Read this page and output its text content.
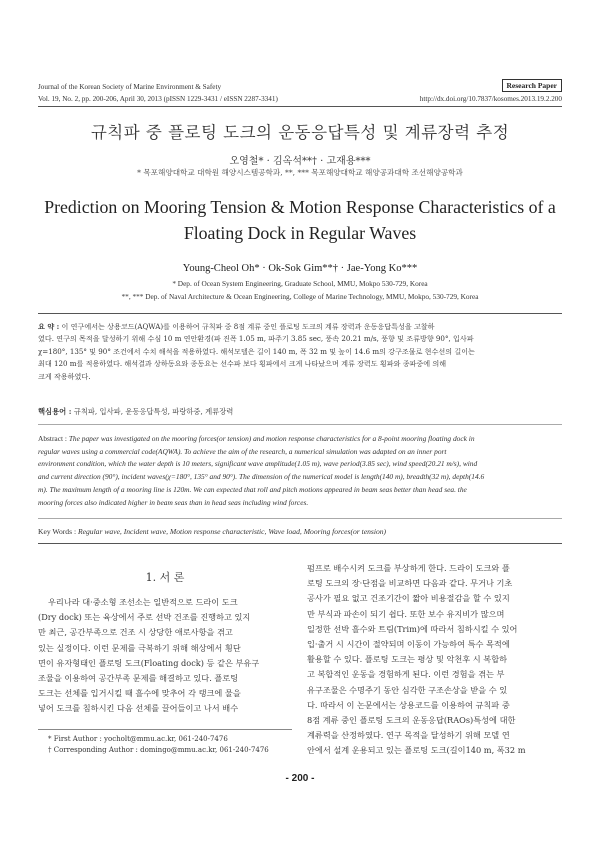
Journal of the Korean Society of Marine Environment & Safety
Vol. 19, No. 2, pp. 200-206, April 30, 2013 (pISSN 1229-3431 / eISSN 2287-3341)
Research Paper
http://dx.doi.org/10.7837/kosomes.2013.19.2.200
규칙파 중 플로팅 도크의 운동응답특성 및 계류장력 추정
오영철* · 김옥석**† · 고재용***
* 목포해양대학교 대학원 해양시스템공학과, **, *** 목포해양대학교 해양공과대학 조선해양공학과
Prediction on Mooring Tension & Motion Response Characteristics of a
Floating Dock in Regular Waves
Young-Cheol Oh* · Ok-Sok Gim**† · Jae-Yong Ko***
* Dep. of Ocean System Engineering, Graduate School, MMU, Mokpo 530-729, Korea
**, *** Dep. of Naval Architecture & Ocean Engineering, College of Marine Technology, MMU, Mokpo, 530-729, Korea
요 약 : 이 연구에서는 상용코드(AQWA)를 이용하여 규칙파 중 8점 계류 중인 플로팅 도크의 계류 장력과 운동응답특성을 고찰하
였다. 연구의 목적을 달성하기 위해 수심 10 m 연안환경(파 진폭 1.05 m, 파주기 3.85 sec, 풍속 20.21 m/s, 풍향 및 조류방향 90°, 입사파
χ=180°, 135° 및 90° 조건에서 수치 해석을 적용하였다. 해석모델은 길이 140 m, 폭 32 m 및 높이 14.6 m의 강구조물로 현수선의 길이는
최대 120 m를 적용하였다. 해석결과 상하동요와 종동요는 선수파 보다 횡파에서 크게 나타났으며 계류 장력도 횡파와 종파중에 의해
크게 작용하였다.
핵심용어 : 규칙파, 입사파, 운동응답특성, 파랑하중, 계류장력
Abstract : The paper was investigated on the mooring forces(or tension) and motion response characteristics for a 8-point mooring floating dock in
regular waves using a commercial code(AQWA). To achieve the aim of the research, a numerical simulation was adapted on an inner port
environment condition, which the water depth is 10 meters, significant wave amplitude(1.05 m), wave period(3.85 sec), wind speed(20.21 m/s), wind
and current direction (90°), incident waves(χ=180°, 135° and 90°). The dimension of the numerical model is length(140 m), breadth(32 m), depth(14.6
m). The maximum length of a mooring line is 120m. We can expected that roll and pitch motions appeared in beam seas better than head sea. the
mooring forces also indicated higher in beam seas than in head seas including wind forces.
Key Words : Regular wave, Incident wave, Motion response characteristic, Wave load, Mooring forces(or tension)
1. 서 론
우리나라 대·중소형 조선소는 일반적으로 드라이 도크
(Dry dock) 또는 육상에서 주로 선박 건조를 진행하고 있지
만 최근, 공간부족으로 건조 시 상당한 애로사항을 겪고
있는 실정이다. 이런 문제를 극복하기 위해 해상에서 횡단
면이 유자형태인 플로팅 도크(Floating dock) 등 같은 부유구
조물을 이용하여 공간부족 문제를 해결하고 있다. 플로팅
도크는 선체를 입거시킬 때 흘수에 맞추어 각 탱크에 물을
넣어 도크를 침하시킨 다음 선체를 끌어들이고 나서 배수
펌프로 배수시켜 도크를 부상하게 한다. 드라이 도크와 플
로팅 도크의 장·단점을 비교하면 다음과 같다. 무거나 기초
공사가 필요 없고 건조기간이 짧아 비용절감을 할 수 있지
만 부식과 파손이 되기 쉽다. 또한 보수 유지비가 많으며
일정한 선박 흘수와 트림(Trim)에 따라서 침하시킬 수 있어
입·출거 시 시간이 절약되며 이동이 가능하여 특수 목적에
활용할 수 있다. 플로팅 도크는 평상 및 악천후 시 복합하
고 복합적인 운동을 경험하게 된다. 이런 경험을 겪는 부
유구조물은 수명주기 동안 심각한 구조손상을 받을 수 있
다. 따라서 이 논문에서는 상용코드를 이용하여 규칙파 중
8점 계류 중인 플로팅 도크의 운동응답(RAOs)특성에 대한
계류력을 산정하였다. 연구 목적을 달성하기 위해 모델 연
안에서 설계 운용되고 있는 플로팅 도크(길이140 m, 폭32 m
* First Author : yocholt@mmu.ac.kr, 061-240-7476
† Corresponding Author : domingo@mmu.ac.kr, 061-240-7476
- 200 -
